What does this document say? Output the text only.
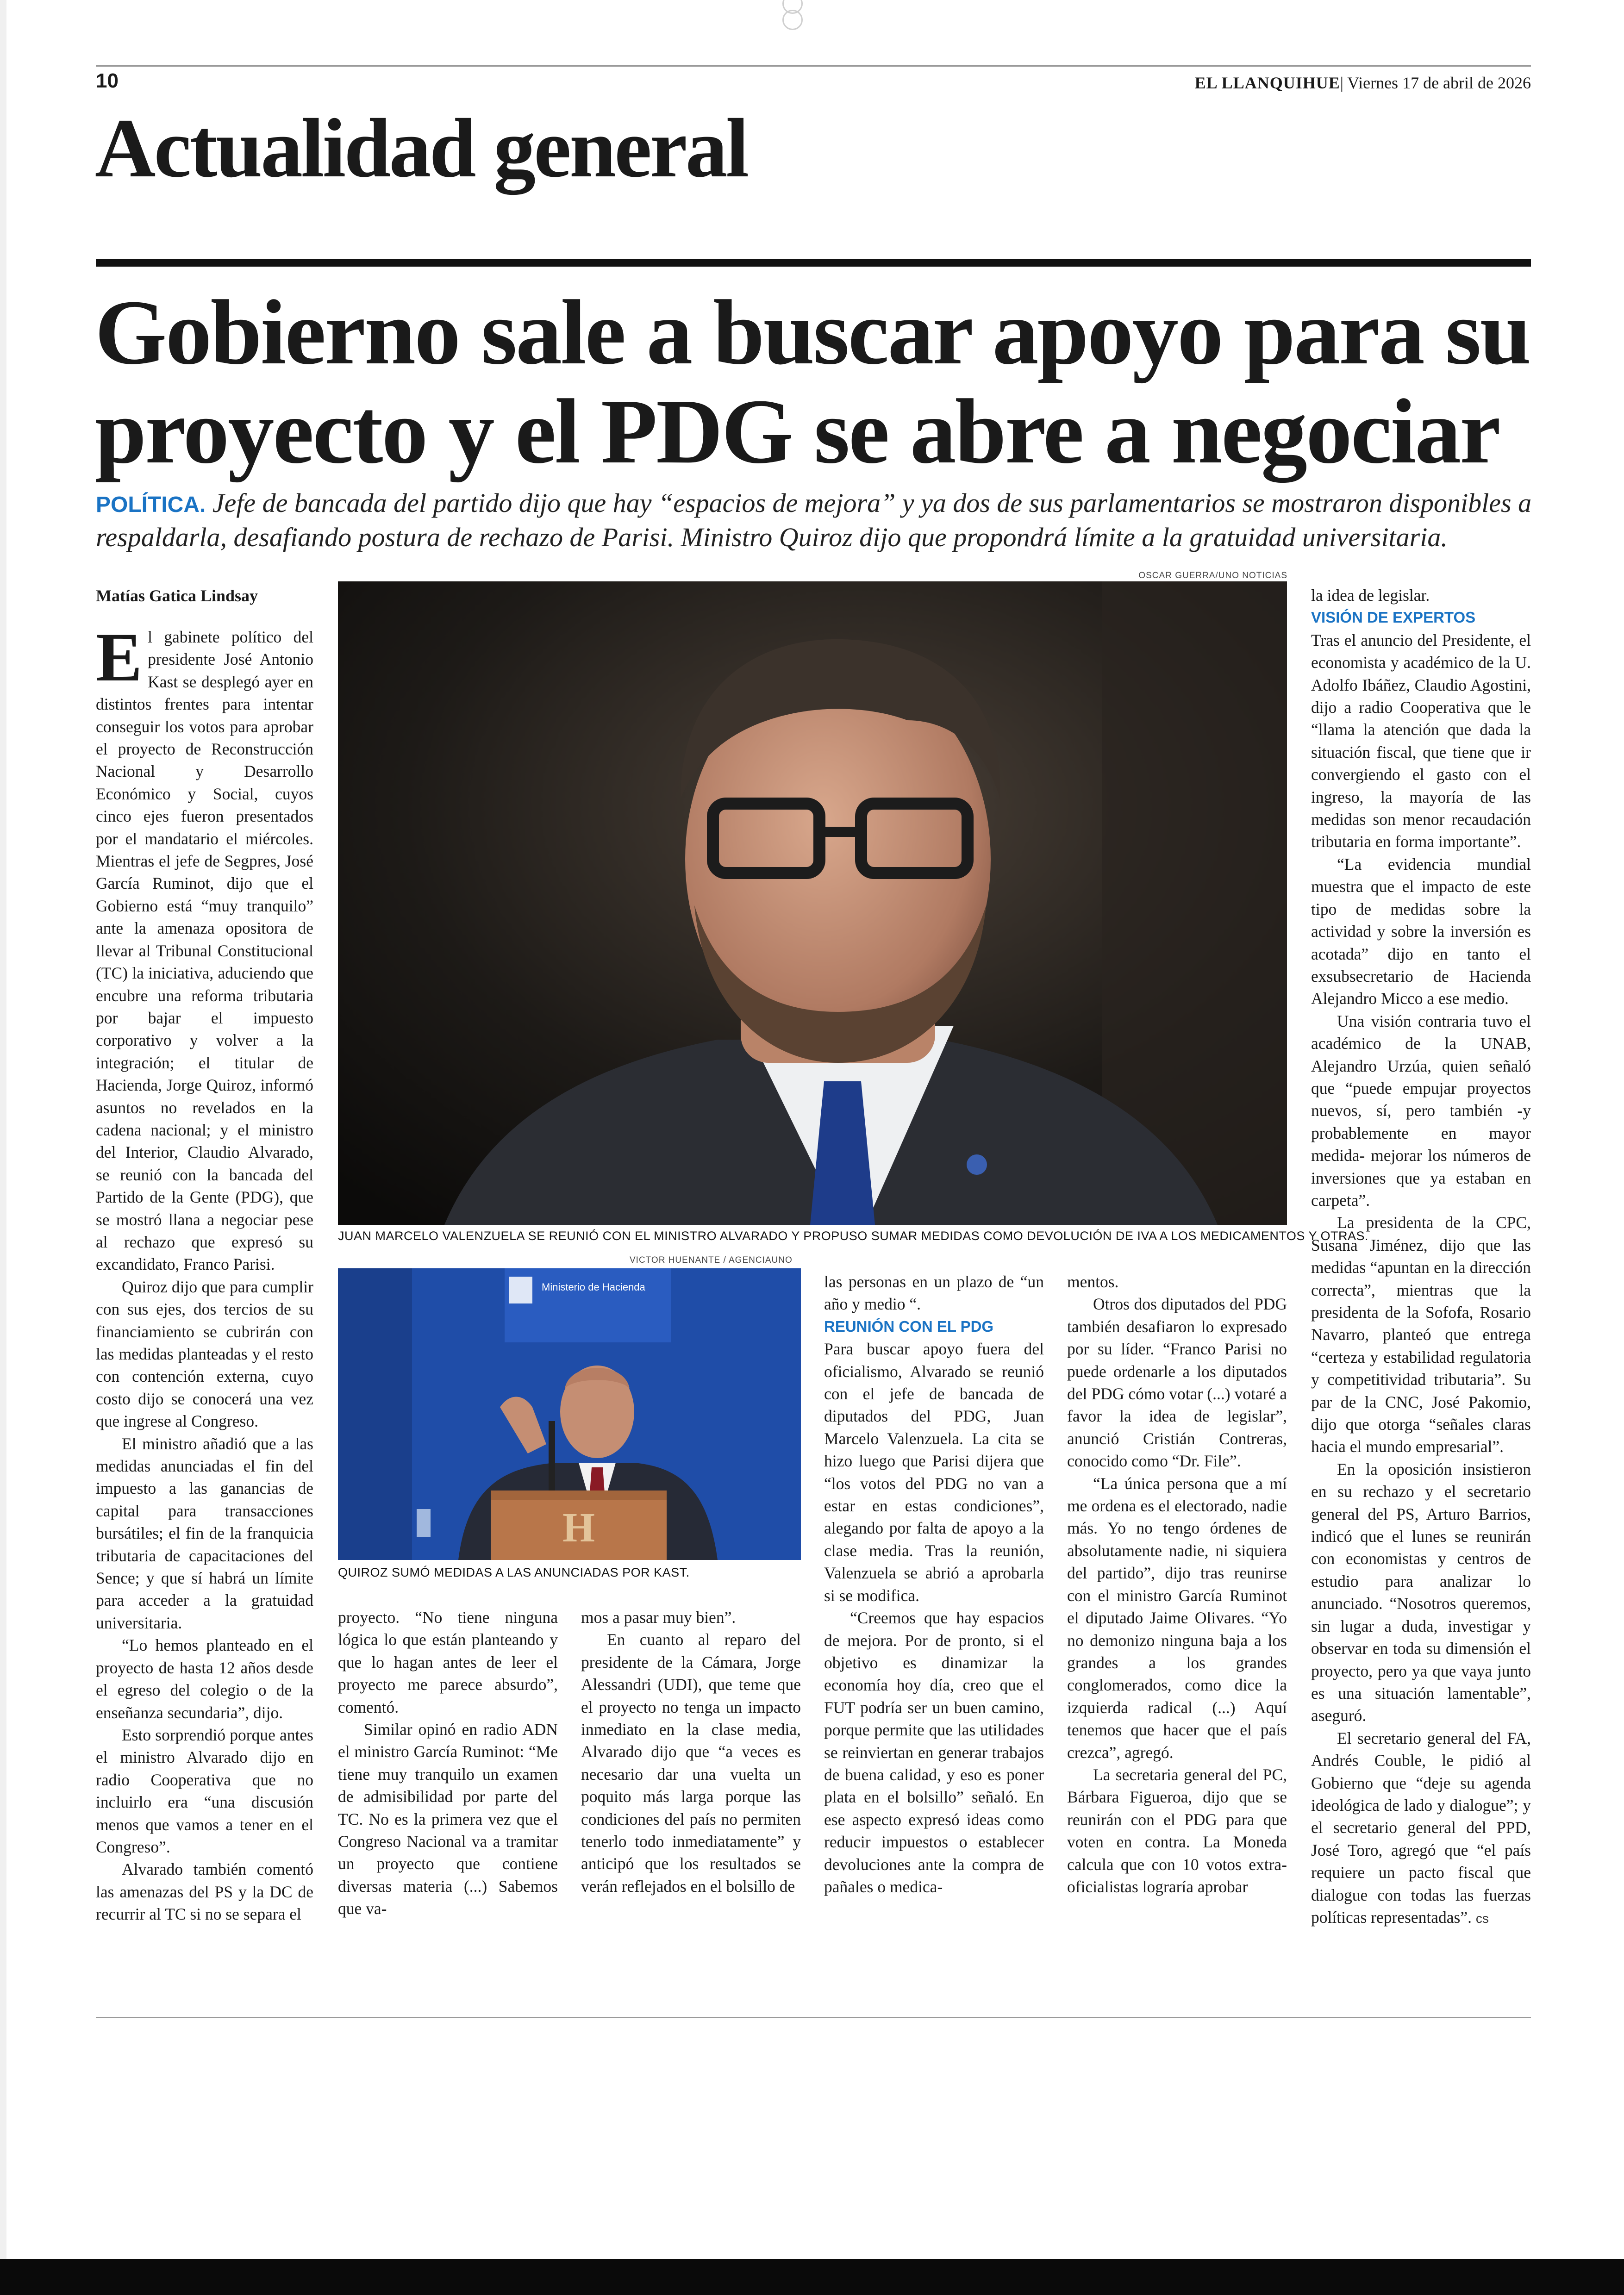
10	EL LLANQUIHUE| Viernes 17 de abril de 2026
Actualidad general
Gobierno sale a buscar apoyo para su proyecto y el PDG se abre a negociar
POLÍTICA. Jefe de bancada del partido dijo que hay “espacios de mejora” y ya dos de sus parlamentarios se mostraron disponibles a respaldarla, desafiando postura de rechazo de Parisi. Ministro Quiroz dijo que propondrá límite a la gratuidad universitaria.
Matías Gatica Lindsay
OSCAR GUERRA/UNO NOTICIAS
JUAN MARCELO VALENZUELA SE REUNIÓ CON EL MINISTRO ALVARADO Y PROPUSO SUMAR MEDIDAS COMO DEVOLUCIÓN DE IVA A LOS MEDICAMENTOS Y OTRAS.
VICTOR HUENANTE / AGENCIAUNO
Ministerio de Hacienda
H
QUIROZ SUMÓ MEDIDAS A LAS ANUNCIADAS POR KAST.

El gabinete político del presidente José Antonio Kast se desplegó ayer en distintos frentes para intentar conseguir los votos para aprobar el proyecto de Reconstrucción Nacional y Desarrollo Económico y Social, cuyos cinco ejes fueron presentados por el mandatario el miércoles. Mientras el jefe de Segpres, José García Ruminot, dijo que el Gobierno está “muy tranquilo” ante la amenaza opositora de llevar al Tribunal Constitucional (TC) la iniciativa, aduciendo que encubre una reforma tributaria por bajar el impuesto corporativo y volver a la integración; el titular de Hacienda, Jorge Quiroz, informó asuntos no revelados en la cadena nacional; y el ministro del Interior, Claudio Alvarado, se reunió con la bancada del Partido de la Gente (PDG), que se mostró llana a negociar pese al rechazo que expresó su excandidato, Franco Parisi.

Quiroz dijo que para cumplir con sus ejes, dos tercios de su financiamiento se cubrirán con las medidas planteadas y el resto con contención externa, cuyo costo dijo se conocerá una vez que ingrese al Congreso.

El ministro añadió que a las medidas anunciadas el fin del impuesto a las ganancias de capital para transacciones bursátiles; el fin de la franquicia tributaria de capacitaciones del Sence; y que sí habrá un límite para acceder a la gratuidad universitaria.

“Lo hemos planteado en el proyecto de hasta 12 años desde el egreso del colegio o de la enseñanza secundaria”, dijo.

Esto sorprendió porque antes el ministro Alvarado dijo en radio Cooperativa que no incluirlo era “una discusión menos que vamos a tener en el Congreso”.

Alvarado también comentó las amenazas del PS y la DC de recurrir al TC si no se separa el

proyecto. “No tiene ninguna lógica lo que están planteando y que lo hagan antes de leer el proyecto me parece absurdo”, comentó.

Similar opinó en radio ADN el ministro García Ruminot: “Me tiene muy tranquilo un examen de admisibilidad por parte del TC. No es la primera vez que el Congreso Nacional va a tramitar un proyecto que contiene diversas materia (...) Sabemos que va-

mos a pasar muy bien”.

En cuanto al reparo del presidente de la Cámara, Jorge Alessandri (UDI), que teme que el proyecto no tenga un impacto inmediato en la clase media, Alvarado dijo que “a veces es necesario dar una vuelta un poquito más larga porque las condiciones del país no permiten tenerlo todo inmediatamente” y anticipó que los resultados se verán reflejados en el bolsillo de

las personas en un plazo de “un año y medio “.

REUNIÓN CON EL PDG

Para buscar apoyo fuera del oficialismo, Alvarado se reunió con el jefe de bancada de diputados del PDG, Juan Marcelo Valenzuela. La cita se hizo luego que Parisi dijera que “los votos del PDG no van a estar en estas condiciones”, alegando por falta de apoyo a la clase media. Tras la reunión, Valenzuela se abrió a aprobarla si se modifica.

“Creemos que hay espacios de mejora. Por de pronto, si el objetivo es dinamizar la economía hoy día, creo que el FUT podría ser un buen camino, porque permite que las utilidades se reinviertan en generar trabajos de buena calidad, y eso es poner plata en el bolsillo” señaló. En ese aspecto expresó ideas como reducir impuestos o establecer devoluciones ante la compra de pañales o medica-

mentos.

Otros dos diputados del PDG también desafiaron lo expresado por su líder. “Franco Parisi no puede ordenarle a los diputados del PDG cómo votar (...) votaré a favor la idea de legislar”, anunció Cristián Contreras, conocido como “Dr. File”.

“La única persona que a mí me ordena es el electorado, nadie más. Yo no tengo órdenes de absolutamente nadie, ni siquiera del partido”, dijo tras reunirse con el ministro García Ruminot el diputado Jaime Olivares. “Yo no demonizo ninguna baja a los grandes a los grandes conglomerados, como dice la izquierda radical (...) Aquí tenemos que hacer que el país crezca”, agregó.

La secretaria general del PC, Bárbara Figueroa, dijo que se reunirán con el PDG para que voten en contra. La Moneda calcula que con 10 votos extra-oficialistas lograría aprobar

la idea de legislar.

VISIÓN DE EXPERTOS

Tras el anuncio del Presidente, el economista y académico de la U. Adolfo Ibáñez, Claudio Agostini, dijo a radio Cooperativa que le “llama la atención que dada la situación fiscal, que tiene que ir convergiendo el gasto con el ingreso, la mayoría de las medidas son menor recaudación tributaria en forma importante”.

“La evidencia mundial muestra que el impacto de este tipo de medidas sobre la actividad y sobre la inversión es acotada” dijo en tanto el exsubsecretario de Hacienda Alejandro Micco a ese medio.

Una visión contraria tuvo el académico de la UNAB, Alejandro Urzúa, quien señaló que “puede empujar proyectos nuevos, sí, pero también -y probablemente en mayor medida- mejorar los números de inversiones que ya estaban en carpeta”.

La presidenta de la CPC, Susana Jiménez, dijo que las medidas “apuntan en la dirección correcta”, mientras que la presidenta de la Sofofa, Rosario Navarro, planteó que entrega “certeza y estabilidad regulatoria y competitividad tributaria”. Su par de la CNC, José Pakomio, dijo que otorga “señales claras hacia el mundo empresarial”.

En la oposición insistieron en su rechazo y el secretario general del PS, Arturo Barrios, indicó que el lunes se reunirán con economistas y centros de estudio para analizar lo anunciado. “Nosotros queremos, sin lugar a duda, investigar y observar en toda su dimensión el proyecto, pero ya que vaya junto es una situación lamentable”, aseguró.

El secretario general del FA, Andrés Couble, le pidió al Gobierno que “deje su agenda ideológica de lado y dialogue”; y el secretario general del PPD, José Toro, agregó que “el país requiere un pacto fiscal que dialogue con todas las fuerzas políticas representadas”. cs
